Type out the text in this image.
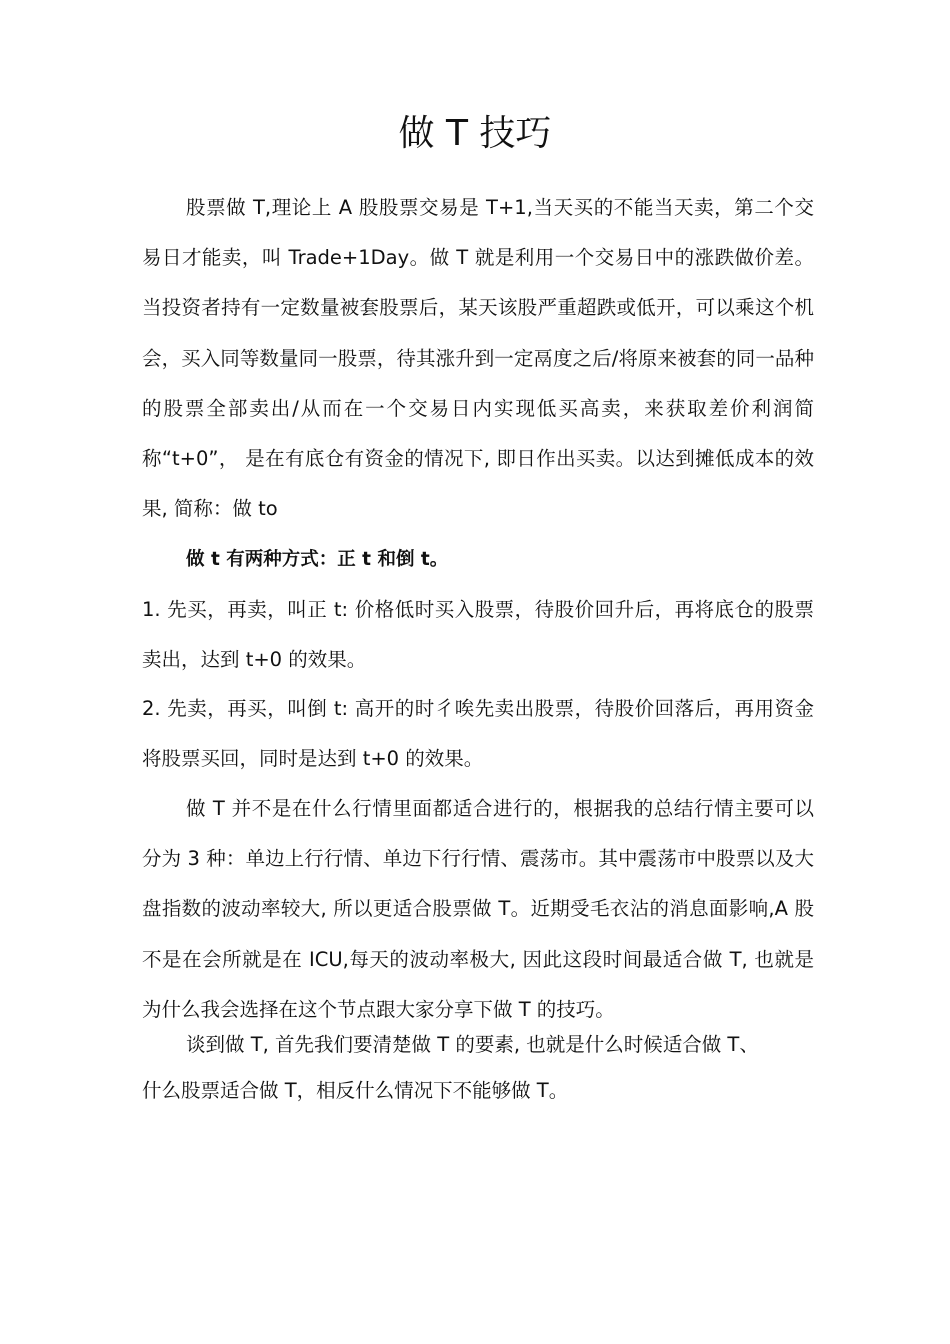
做 T 技巧

股票做 T,理论上 A 股股票交易是 T+1,当天买的不能当天卖，第二个交易日才能卖，叫 Trade+1Day。做 T 就是利用一个交易日中的涨跌做价差。当投资者持有一定数量被套股票后，某天该股严重超跌或低开，可以乘这个机会，买入同等数量同一股票，待其涨升到一定鬲度之后/将原来被套的同一品种的股票全部卖出/从而在一个交易日内实现低买高卖，来获取差价利润简称“t+0”， 是在有底仓有资金的情况下, 即日作出买卖。以达到摊低成本的效果, 简称：做 to

做 t 有两种方式：正 t 和倒 t。

1. 先买，再卖，叫正 t: 价格低时买入股票，待股价回升后，再将底仓的股票卖出，达到 t+0 的效果。

2. 先卖，再买，叫倒 t: 高开的时彳唉先卖出股票，待股价回落后，再用资金将股票买回，同时是达到 t+0 的效果。

做 T 并不是在什么行情里面都适合进行的，根据我的总结行情主要可以分为 3 种：单边上行行情、单边下行行情、震荡市。其中震荡市中股票以及大盘指数的波动率较大, 所以更适合股票做 T。近期受毛衣沾的消息面影响,A 股不是在会所就是在 ICU,每天的波动率极大, 因此这段时间最适合做 T, 也就是为什么我会选择在这个节点跟大家分享下做 T 的技巧。

谈到做 T, 首先我们要清楚做 T 的要素, 也就是什么时候适合做 T、什么股票适合做 T，相反什么情况下不能够做 T。
